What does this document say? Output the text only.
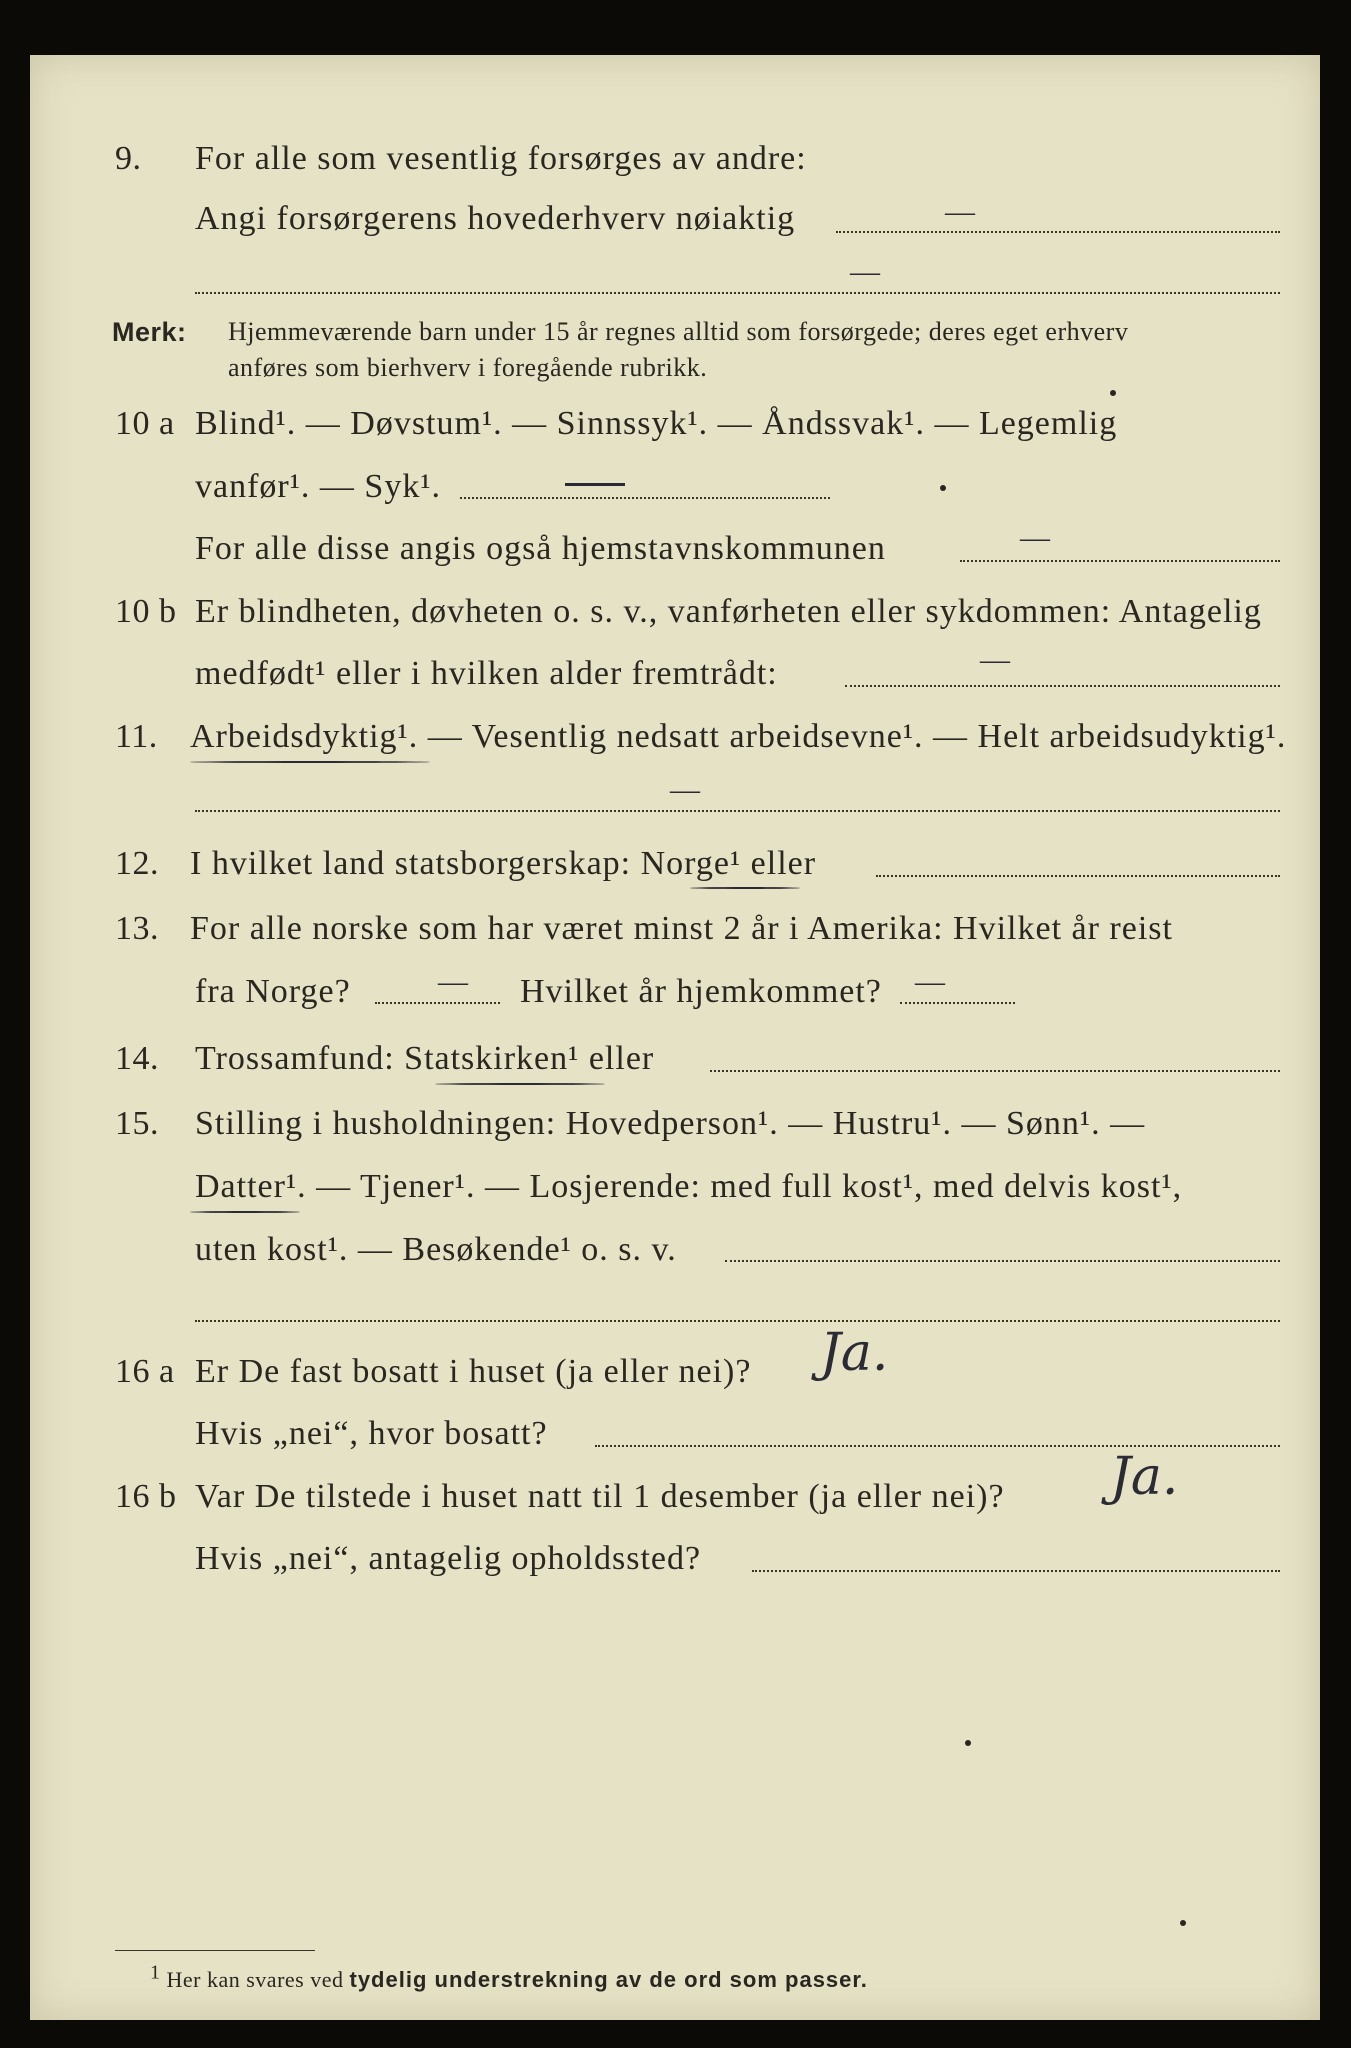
9. For alle som vesentlig forsørges av andre:
Angi forsørgerens hovederhverv nøiaktig	—
—
Merk: Hjemmeværende barn under 15 år regnes alltid som forsørgede; deres eget erhverv
anføres som bierhverv i foregående rubrikk.
10 a Blind¹. — Døvstum¹. — Sinnssyk¹. — Åndssvak¹. — Legemlig
vanfør¹. — Syk¹.
For alle disse angis også hjemstavnskommunen	—
10 b Er blindheten, døvheten o. s. v., vanførheten eller sykdommen: Antagelig
medfødt¹ eller i hvilken alder fremtrådt:	—
11. Arbeidsdyktig¹. — Vesentlig nedsatt arbeidsevne¹. — Helt arbeidsudyktig¹.
—
12. I hvilket land statsborgerskap: Norge¹ eller
13. For alle norske som har været minst 2 år i Amerika: Hvilket år reist
fra Norge?	— Hvilket år hjemkommet? —
14. Trossamfund: Statskirken¹ eller
15. Stilling i husholdningen: Hovedperson¹. — Hustru¹. — Sønn¹. —
Datter¹. — Tjener¹. — Losjerende: med full kost¹, med delvis kost¹,
uten kost¹. — Besøkende¹ o. s. v.
16 a Er De fast bosatt i huset (ja eller nei)? Ja.
Hvis „nei“, hvor bosatt?
16 b Var De tilstede i huset natt til 1 desember (ja eller nei)? Ja.
Hvis „nei“, antagelig opholdssted?
$^1$ Her kan svares ved tydelig understrekning av de ord som passer.
